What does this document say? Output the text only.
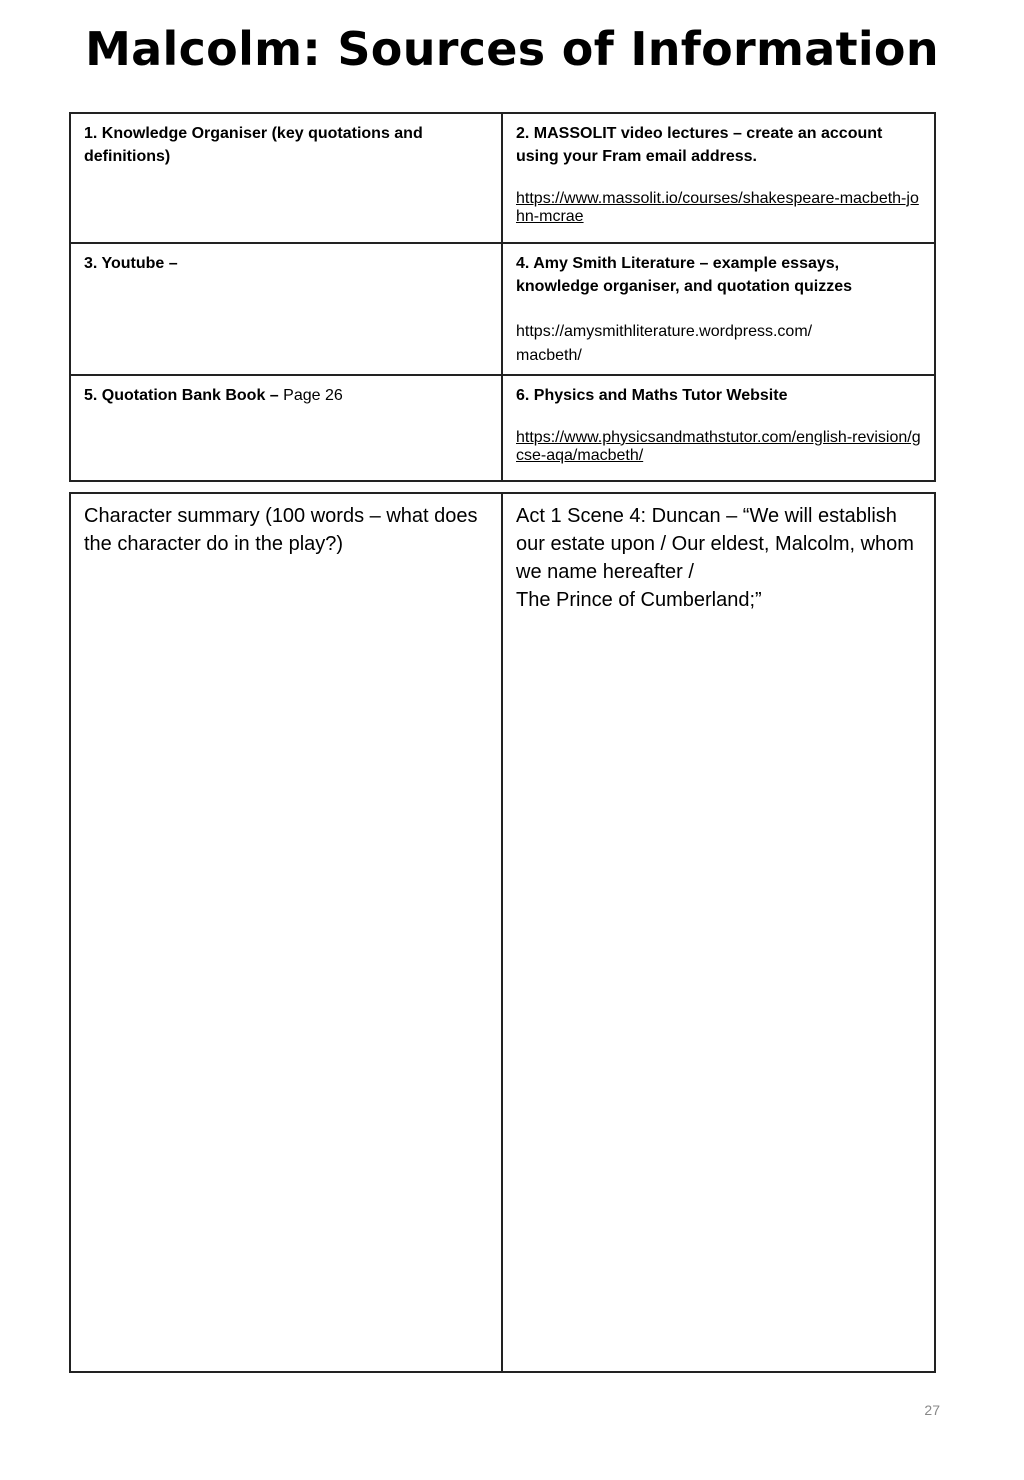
Malcolm: Sources of Information
1. Knowledge Organiser (key quotations and definitions)	2. MASSOLIT video lectures – create an account using your Fram email address.
https://www.massolit.io/courses/shakespeare-macbeth-john-mcrae

3. Youtube –	4. Amy Smith Literature – example essays, knowledge organiser, and quotation quizzes
https://amysmithliterature.wordpress.com/
macbeth/

5. Quotation Bank Book – Page 26	6. Physics and Maths Tutor Website
https://www.physicsandmathstutor.com/english-revision/gcse-aqa/macbeth/
Character summary (100 words – what does the character do in the play?)	Act 1 Scene 4: Duncan – “We will establish our estate upon / Our eldest, Malcolm, whom we name hereafter /
The Prince of Cumberland;”
27
